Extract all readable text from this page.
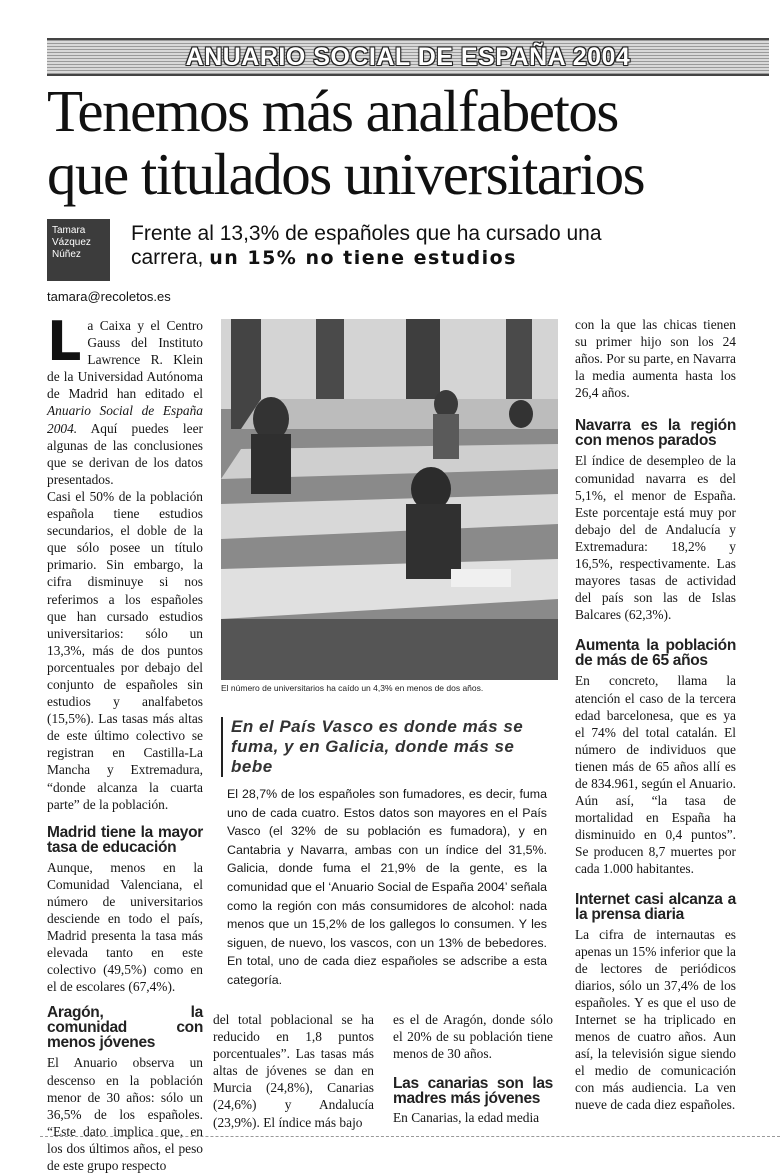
ANUARIO SOCIAL DE ESPAÑA 2004
Tenemos más analfabetos
que titulados universitarios
Tamara
Vázquez
Núñez
Frente al 13,3% de españoles que ha cursado una
carrera, un 15% no tiene estudios
tamara@recoletos.es

La Caixa y el Centro Gauss del Instituto Lawrence R. Klein de la Universidad Autónoma de Madrid han editado el Anuario Social de España 2004. Aquí puedes leer algunas de las conclusiones que se derivan de los datos presentados.

Casi el 50% de la población española tiene estudios secundarios, el doble de la que sólo posee un título primario. Sin embargo, la cifra disminuye si nos referimos a los españoles que han cursado estudios universitarios: sólo un 13,3%, más de dos puntos porcentuales por debajo del conjunto de españoles sin estudios y analfabetos (15,5%). Las tasas más altas de este último colectivo se registran en Castilla-La Mancha y Extremadura, “donde alcanza la cuarta parte” de la población.

Madrid tiene la mayor tasa de educación

Aunque, menos en la Comunidad Valenciana, el número de universitarios desciende en todo el país, Madrid presenta la tasa más elevada tanto en este colectivo (49,5%) como en el de escolares (67,4%).

Aragón, la comunidad con menos jóvenes

El Anuario observa un descenso en la población menor de 30 años: sólo un 36,5% de los españoles. “Este dato implica que, en los dos últimos años, el peso de este grupo respecto

El número de universitarios ha caído un 4,3% en menos de dos años.
En el País Vasco es donde más se fuma, y en Galicia, donde más se bebe
El 28,7% de los españoles son fumadores, es decir, fuma uno de cada cuatro. Estos datos son mayores en el País Vasco (el 32% de su población es fumadora), y en Cantabria y Navarra, ambas con un índice del 31,5%. Galicia, donde fuma el 21,9% de la gente, es la comunidad que el ‘Anuario Social de España 2004’ señala como la región con más consumidores de alcohol: nada menos que un 15,2% de los gallegos lo consumen. Y les siguen, de nuevo, los vascos, con un 13% de bebedores. En total, uno de cada diez españoles se adscribe a esta categoría.

del total poblacional se ha reducido en 1,8 puntos porcentuales”. Las tasas más altas de jóvenes se dan en Murcia (24,8%), Canarias (24,6%) y Andalucía (23,9%). El índice más bajo

es el de Aragón, donde sólo el 20% de su población tiene menos de 30 años.

Las canarias son las madres más jóvenes

En Canarias, la edad media

con la que las chicas tienen su primer hijo son los 24 años. Por su parte, en Navarra la media aumenta hasta los 26,4 años.

Navarra es la región con menos parados

El índice de desempleo de la comunidad navarra es del 5,1%, el menor de España. Este porcentaje está muy por debajo del de Andalucía y Extremadura: 18,2% y 16,5%, respectivamente. Las mayores tasas de actividad del país son las de Islas Balcares (62,3%).

Aumenta la población de más de 65 años

En concreto, llama la atención el caso de la tercera edad barcelonesa, que es ya el 74% del total catalán. El número de individuos que tienen más de 65 años allí es de 834.961, según el Anuario. Aún así, “la tasa de mortalidad en España ha disminuido en 0,4 puntos”. Se producen 8,7 muertes por cada 1.000 habitantes.

Internet casi alcanza a la prensa diaria

La cifra de internautas es apenas un 15% inferior que la de lectores de periódicos diarios, sólo un 37,4% de los españoles. Y es que el uso de Internet se ha triplicado en menos de cuatro años. Aun así, la televisión sigue siendo el medio de comunicación con más audiencia. La ven nueve de cada diez españoles.
